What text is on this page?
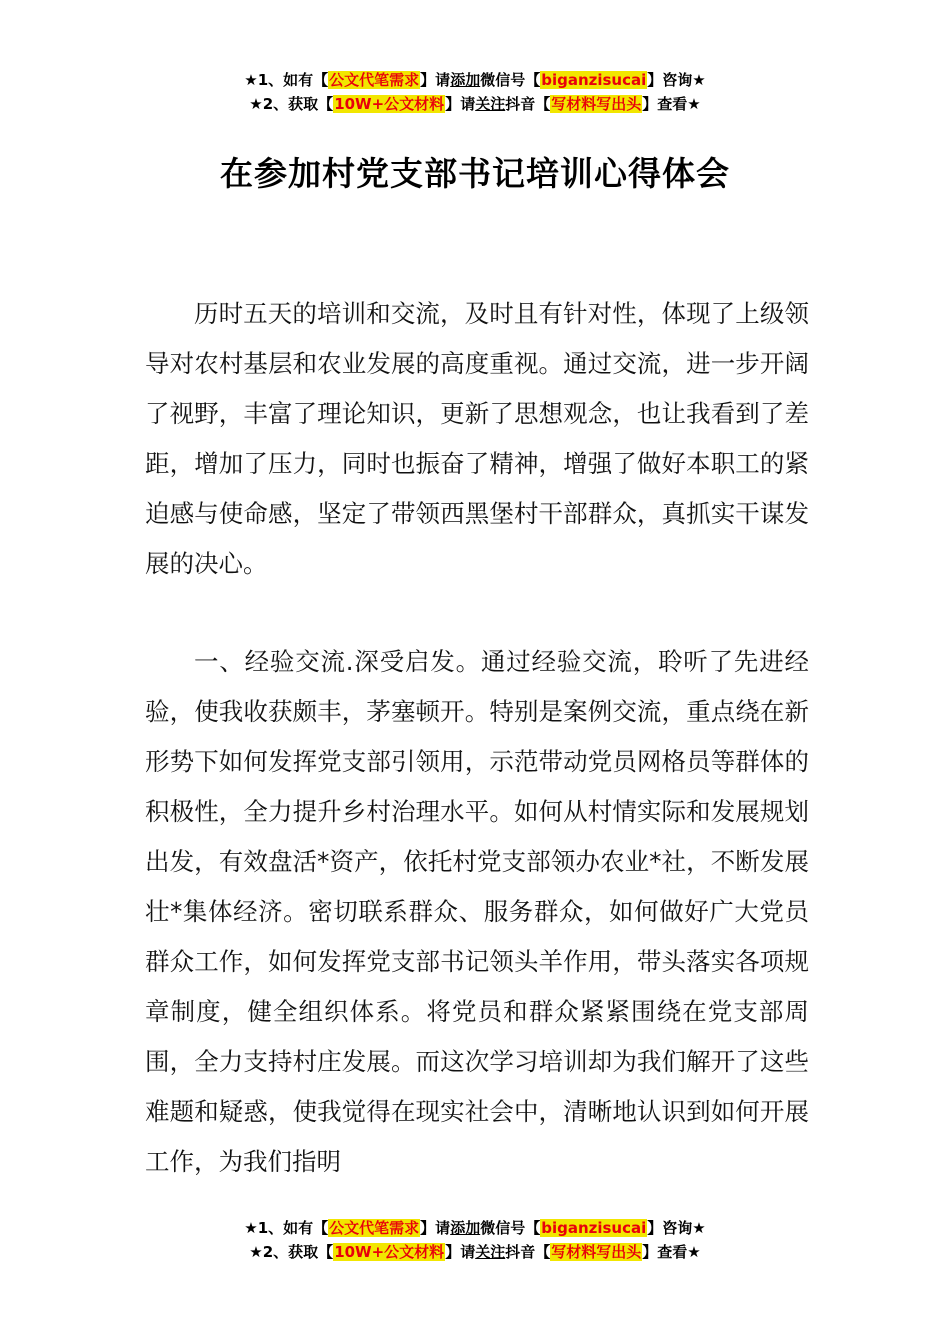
★1、如有【公文代笔需求】请添加微信号【biganzisucai】咨询★
★2、获取【10W+公文材料】请关注抖音【写材料写出头】查看★
在参加村党支部书记培训心得体会

历时五天的培训和交流，及时且有针对性，体现了上级领导对农村基层和农业发展的高度重视。通过交流，进一步开阔了视野，丰富了理论知识，更新了思想观念，也让我看到了差距，增加了压力，同时也振奋了精神，增强了做好本职工的紧迫感与使命感，坚定了带领西黑堡村干部群众，真抓实干谋发展的决心。

一、经验交流.深受启发。通过经验交流，聆听了先进经验，使我收获颇丰，茅塞顿开。特别是案例交流，重点绕在新形势下如何发挥党支部引领用，示范带动党员网格员等群体的积极性，全力提升乡村治理水平。如何从村情实际和发展规划出发，有效盘活*资产，依托村党支部领办农业*社，不断发展壮*集体经济。密切联系群众、服务群众，如何做好广大党员群众工作，如何发挥党支部书记领头羊作用，带头落实各项规章制度，健全组织体系。将党员和群众紧紧围绕在党支部周围，全力支持村庄发展。而这次学习培训却为我们解开了这些难题和疑惑，使我觉得在现实社会中，清晰地认识到如何开展工作，为我们指明

★1、如有【公文代笔需求】请添加微信号【biganzisucai】咨询★
★2、获取【10W+公文材料】请关注抖音【写材料写出头】查看★
